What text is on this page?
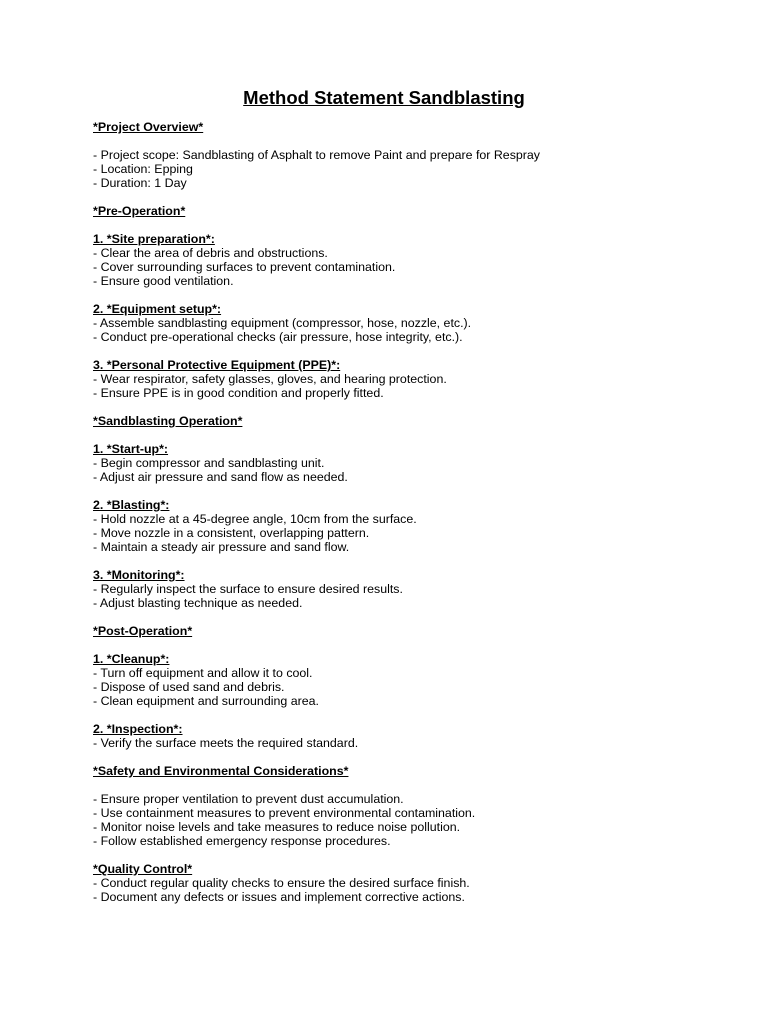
Method Statement Sandblasting
*Project Overview*
- Project scope: Sandblasting of Asphalt to remove Paint and prepare for Respray
- Location: Epping
- Duration: 1 Day
*Pre-Operation*
1. *Site preparation*:
- Clear the area of debris and obstructions.
- Cover surrounding surfaces to prevent contamination.
- Ensure good ventilation.
2. *Equipment setup*:
- Assemble sandblasting equipment (compressor, hose, nozzle, etc.).
- Conduct pre-operational checks (air pressure, hose integrity, etc.).
3. *Personal Protective Equipment (PPE)*:
- Wear respirator, safety glasses, gloves, and hearing protection.
- Ensure PPE is in good condition and properly fitted.
*Sandblasting Operation*
1. *Start-up*:
- Begin compressor and sandblasting unit.
- Adjust air pressure and sand flow as needed.
2. *Blasting*:
- Hold nozzle at a 45-degree angle, 10cm from the surface.
- Move nozzle in a consistent, overlapping pattern.
- Maintain a steady air pressure and sand flow.
3. *Monitoring*:
- Regularly inspect the surface to ensure desired results.
- Adjust blasting technique as needed.
*Post-Operation*
1. *Cleanup*:
- Turn off equipment and allow it to cool.
- Dispose of used sand and debris.
- Clean equipment and surrounding area.
2. *Inspection*:
- Verify the surface meets the required standard.
*Safety and Environmental Considerations*
- Ensure proper ventilation to prevent dust accumulation.
- Use containment measures to prevent environmental contamination.
- Monitor noise levels and take measures to reduce noise pollution.
- Follow established emergency response procedures.
*Quality Control*
- Conduct regular quality checks to ensure the desired surface finish.
- Document any defects or issues and implement corrective actions.
